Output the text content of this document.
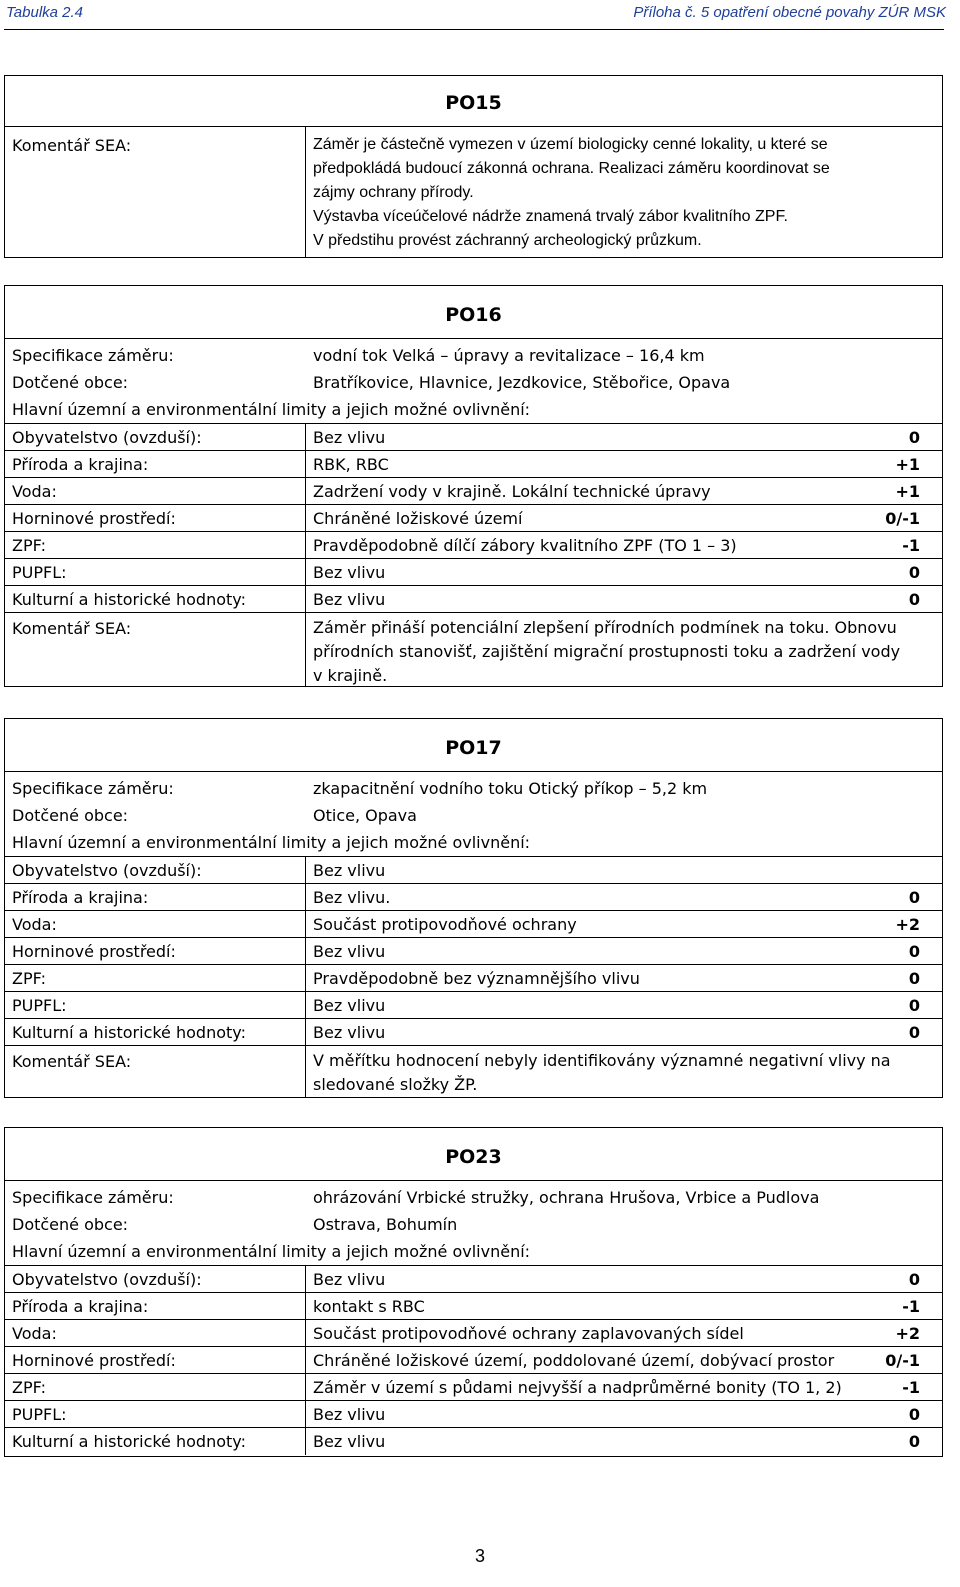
Tabulka 2.4	Příloha č. 5 opatření obecné povahy ZÚR MSK
PO15
Komentář SEA:	Záměr je částečně vymezen v území biologicky cenné lokality, u které se
předpokládá budoucí zákonná ochrana. Realizaci záměru koordinovat se
zájmy ochrany přírody.
Výstavba víceúčelové nádrže znamená trvalý zábor kvalitního ZPF.
V předstihu provést záchranný archeologický průzkum.
PO16
Specifikace záměru:	vodní tok Velká – úpravy a revitalizace – 16,4 km
Dotčené obce:	Bratříkovice, Hlavnice, Jezdkovice, Stěbořice, Opava
Hlavní územní a environmentální limity a jejich možné ovlivnění:
Obyvatelstvo (ovzduší):	Bez vlivu	0
Příroda a krajina:	RBK, RBC	+1
Voda:	Zadržení vody v krajině. Lokální technické úpravy	+1
Horninové prostředí:	Chráněné ložiskové území	0/-1
ZPF:	Pravděpodobně dílčí zábory kvalitního ZPF (TO 1 – 3)	-1
PUPFL:	Bez vlivu	0
Kulturní a historické hodnoty:	Bez vlivu	0
Komentář SEA:	Záměr přináší potenciální zlepšení přírodních podmínek na toku. Obnovu
přírodních stanovišť, zajištění migrační prostupnosti toku a zadržení vody
v krajině.
PO17
Specifikace záměru:	zkapacitnění vodního toku Otický příkop – 5,2 km
Dotčené obce:	Otice, Opava
Hlavní územní a environmentální limity a jejich možné ovlivnění:
Obyvatelstvo (ovzduší):	Bez vlivu
Příroda a krajina:	Bez vlivu.	0
Voda:	Součást protipovodňové ochrany	+2
Horninové prostředí:	Bez vlivu	0
ZPF:	Pravděpodobně bez významnějšího vlivu	0
PUPFL:	Bez vlivu	0
Kulturní a historické hodnoty:	Bez vlivu	0
Komentář SEA:	V měřítku hodnocení nebyly identifikovány významné negativní vlivy na
sledované složky ŽP.
PO23
Specifikace záměru:	ohrázování Vrbické stružky, ochrana Hrušova, Vrbice a Pudlova
Dotčené obce:	Ostrava, Bohumín
Hlavní územní a environmentální limity a jejich možné ovlivnění:
Obyvatelstvo (ovzduší):	Bez vlivu	0
Příroda a krajina:	kontakt s RBC	-1
Voda:	Součást protipovodňové ochrany zaplavovaných sídel	+2
Horninové prostředí:	Chráněné ložiskové území, poddolované území, dobývací prostor	0/-1
ZPF:	Záměr v území s půdami nejvyšší a nadprůměrné bonity (TO 1, 2)	-1
PUPFL:	Bez vlivu	0
Kulturní a historické hodnoty:	Bez vlivu	0
3
